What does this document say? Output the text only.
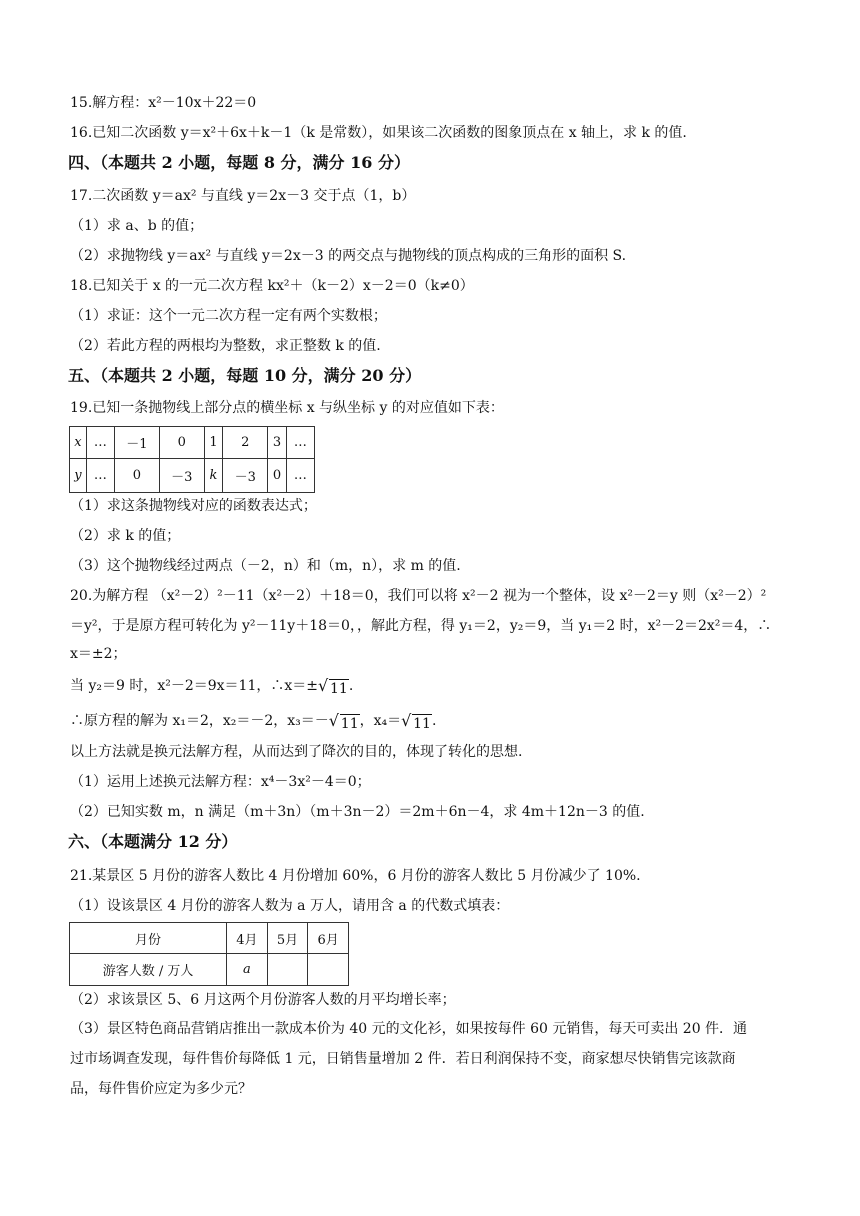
15.解方程：x²－10x＋22＝0
16.已知二次函数 y＝x²＋6x＋k－1（k 是常数），如果该二次函数的图象顶点在 x 轴上，求 k 的值.
四、（本题共 2 小题，每题 8 分，满分 16 分）
17.二次函数 y＝ax² 与直线 y＝2x－3 交于点（1，b）
（1）求 a、b 的值；
（2）求抛物线 y＝ax² 与直线 y＝2x－3 的两交点与抛物线的顶点构成的三角形的面积 S.
18.已知关于 x 的一元二次方程 kx²＋（k－2）x－2＝0（k≠0）
（1）求证：这个一元二次方程一定有两个实数根；
（2）若此方程的两根均为整数，求正整数 k 的值.
五、（本题共 2 小题，每题 10 分，满分 20 分）
19.已知一条抛物线上部分点的横坐标 x 与纵坐标 y 的对应值如下表：
x	…	－1	0	1	2	3	…
y	…	0	－3	k	－3	0	…
（1）求这条抛物线对应的函数表达式；
（2）求 k 的值；
（3）这个抛物线经过两点（－2，n）和（m，n），求 m 的值.
20.为解方程 （x²－2）²－11（x²－2）＋18＝0，我们可以将 x²－2 视为一个整体，设 x²－2＝y 则（x²－2）²
＝y²，于是原方程可转化为 y²－11y＋18＝0，，解此方程，得 y₁＝2，y₂＝9，当 y₁＝2 时，x²－2＝2x²＝4，∴
x＝±2；
当 y₂＝9 时，x²－2＝9x＝11，∴x＝± √ 11.
∴原方程的解为 x₁＝2，x₂＝－2，x₃＝－ √ 11，x₄＝ √ 11.
以上方法就是换元法解方程，从而达到了降次的目的，体现了转化的思想.
（1）运用上述换元法解方程：x⁴－3x²－4＝0；
（2）已知实数 m，n 满足（m＋3n）（m＋3n－2）＝2m＋6n－4，求 4m＋12n－3 的值.
六、（本题满分 12 分）
21.某景区 5 月份的游客人数比 4 月份增加 60%，6 月份的游客人数比 5 月份减少了 10%.
（1）设该景区 4 月份的游客人数为 a 万人，请用含 a 的代数式填表：
月份	4月	5月	6月
游客人数 / 万人	a		
（2）求该景区 5、6 月这两个月份游客人数的月平均增长率；
（3）景区特色商品营销店推出一款成本价为 40 元的文化衫，如果按每件 60 元销售，每天可卖出 20 件．通
过市场调查发现，每件售价每降低 1 元，日销售量增加 2 件．若日利润保持不变，商家想尽快销售完该款商
品，每件售价应定为多少元？
